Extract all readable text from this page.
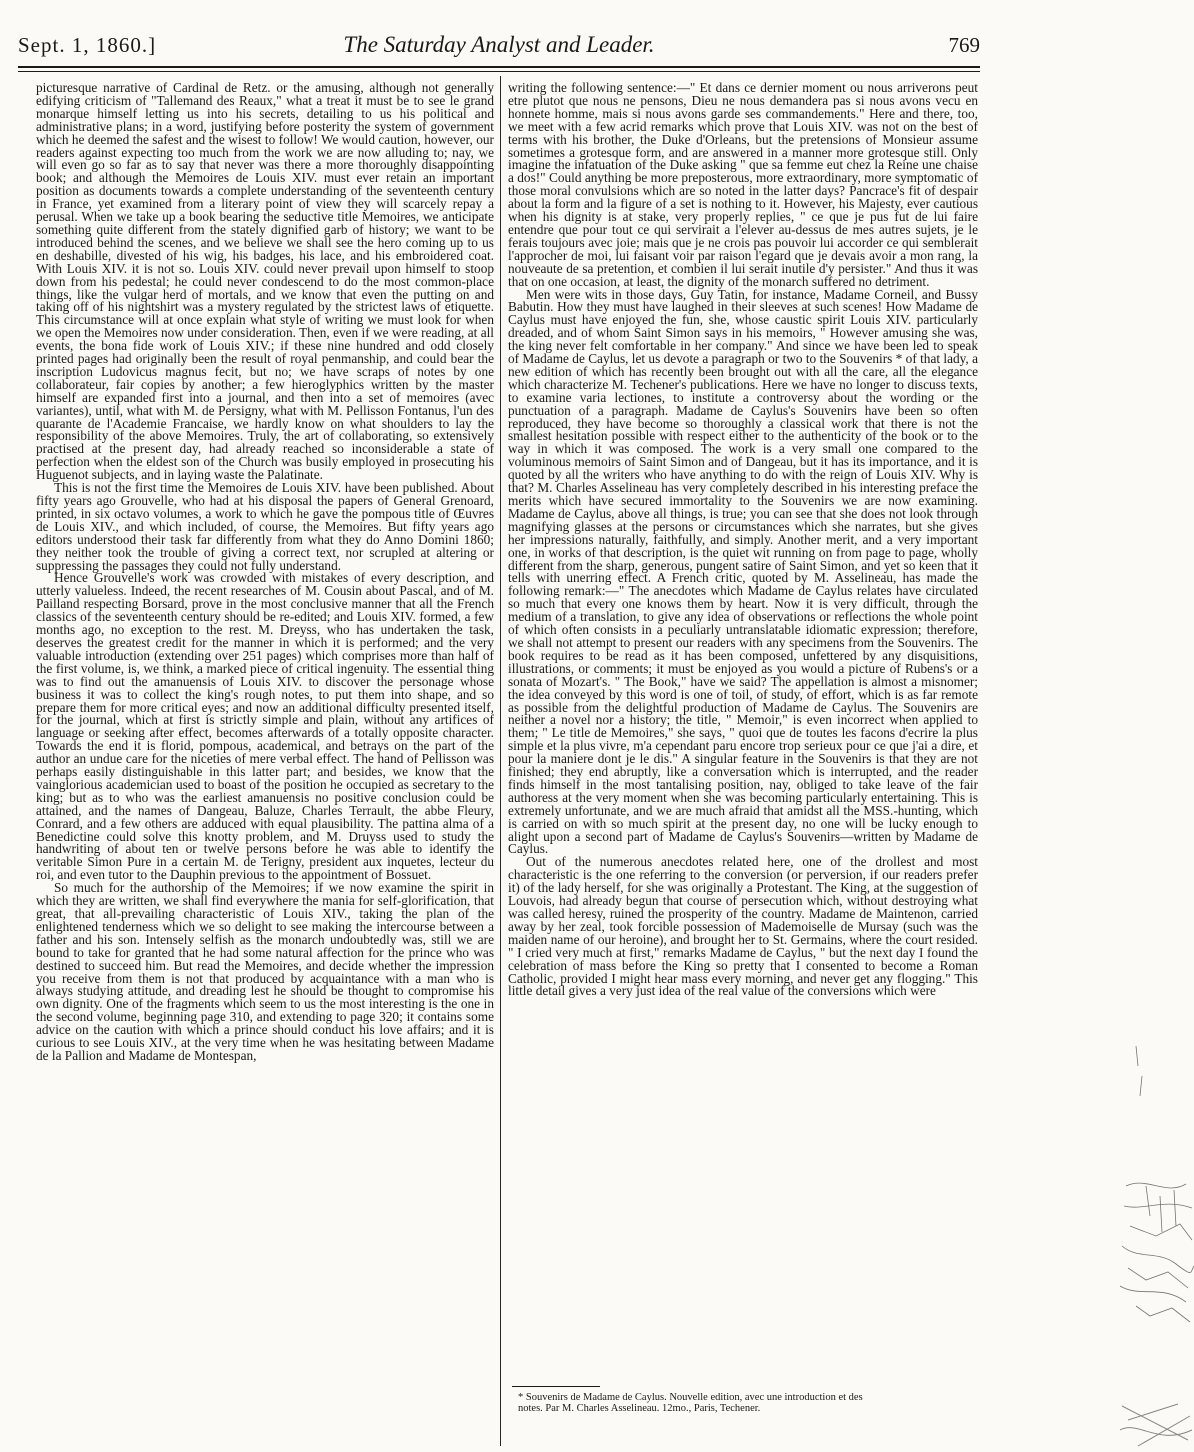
Sept. 1, 1860.]	The Saturday Analyst and Leader.	769

picturesque narrative of Cardinal de Retz. or the amusing, although not generally edifying criticism of "Tallemand des Reaux," what a treat it must be to see le grand monarque himself letting us into his secrets, detailing to us his political and administrative plans; in a word, justifying before posterity the system of government which he deemed the safest and the wisest to follow! We would caution, however, our readers against expecting too much from the work we are now alluding to; nay, we will even go so far as to say that never was there a more thoroughly disappointing book; and although the Memoires de Louis XIV. must ever retain an important position as documents towards a complete understanding of the seventeenth century in France, yet examined from a literary point of view they will scarcely repay a perusal. When we take up a book bearing the seductive title Memoires, we anticipate something quite different from the stately dignified garb of history; we want to be introduced behind the scenes, and we believe we shall see the hero coming up to us en deshabille, divested of his wig, his badges, his lace, and his embroidered coat. With Louis XIV. it is not so. Louis XIV. could never prevail upon himself to stoop down from his pedestal; he could never condescend to do the most common-place things, like the vulgar herd of mortals, and we know that even the putting on and taking off of his nightshirt was a mystery regulated by the strictest laws of etiquette. This circumstance will at once explain what style of writing we must look for when we open the Memoires now under consideration. Then, even if we were reading, at all events, the bona fide work of Louis XIV.; if these nine hundred and odd closely printed pages had originally been the result of royal penmanship, and could bear the inscription Ludovicus magnus fecit, but no; we have scraps of notes by one collaborateur, fair copies by another; a few hieroglyphics written by the master himself are expanded first into a journal, and then into a set of memoires (avec variantes), until, what with M. de Persigny, what with M. Pellisson Fontanus, l'un des quarante de l'Academie Francaise, we hardly know on what shoulders to lay the responsibility of the above Memoires. Truly, the art of collaborating, so extensively practised at the present day, had already reached so inconsiderable a state of perfection when the eldest son of the Church was busily employed in prosecuting his Huguenot subjects, and in laying waste the Palatinate.

This is not the first time the Memoires de Louis XIV. have been published. About fifty years ago Grouvelle, who had at his disposal the papers of General Grenoard, printed, in six octavo volumes, a work to which he gave the pompous title of Œuvres de Louis XIV., and which included, of course, the Memoires. But fifty years ago editors understood their task far differently from what they do Anno Domini 1860; they neither took the trouble of giving a correct text, nor scrupled at altering or suppressing the passages they could not fully understand.

Hence Grouvelle's work was crowded with mistakes of every description, and utterly valueless. Indeed, the recent researches of M. Cousin about Pascal, and of M. Pailland respecting Borsard, prove in the most conclusive manner that all the French classics of the seventeenth century should be re-edited; and Louis XIV. formed, a few months ago, no exception to the rest. M. Dreyss, who has undertaken the task, deserves the greatest credit for the manner in which it is performed; and the very valuable introduction (extending over 251 pages) which comprises more than half of the first volume, is, we think, a marked piece of critical ingenuity. The essential thing was to find out the amanuensis of Louis XIV. to discover the personage whose business it was to collect the king's rough notes, to put them into shape, and so prepare them for more critical eyes; and now an additional difficulty presented itself, for the journal, which at first is strictly simple and plain, without any artifices of language or seeking after effect, becomes afterwards of a totally opposite character. Towards the end it is florid, pompous, academical, and betrays on the part of the author an undue care for the niceties of mere verbal effect. The hand of Pellisson was perhaps easily distinguishable in this latter part; and besides, we know that the vainglorious academician used to boast of the position he occupied as secretary to the king; but as to who was the earliest amanuensis no positive conclusion could be attained, and the names of Dangeau, Baluze, Charles Terrault, the abbe Fleury, Conrard, and a few others are adduced with equal plausibility. The pattina alma of a Benedictine could solve this knotty problem, and M. Druyss used to study the handwriting of about ten or twelve persons before he was able to identify the veritable Simon Pure in a certain M. de Terigny, president aux inquetes, lecteur du roi, and even tutor to the Dauphin previous to the appointment of Bossuet.

So much for the authorship of the Memoires; if we now examine the spirit in which they are written, we shall find everywhere the mania for self-glorification, that great, that all-prevailing characteristic of Louis XIV., taking the plan of the enlightened tenderness which we so delight to see making the intercourse between a father and his son. Intensely selfish as the monarch undoubtedly was, still we are bound to take for granted that he had some natural affection for the prince who was destined to succeed him. But read the Memoires, and decide whether the impression you receive from them is not that produced by acquaintance with a man who is always studying attitude, and dreading lest he should be thought to compromise his own dignity. One of the fragments which seem to us the most interesting is the one in the second volume, beginning page 310, and extending to page 320; it contains some advice on the caution with which a prince should conduct his love affairs; and it is curious to see Louis XIV., at the very time when he was hesitating between Madame de la Pallion and Madame de Montespan,

writing the following sentence:—" Et dans ce dernier moment ou nous arriverons peut etre plutot que nous ne pensons, Dieu ne nous demandera pas si nous avons vecu en honnete homme, mais si nous avons garde ses commandements." Here and there, too, we meet with a few acrid remarks which prove that Louis XIV. was not on the best of terms with his brother, the Duke d'Orleans, but the pretensions of Monsieur assume sometimes a grotesque form, and are answered in a manner more grotesque still. Only imagine the infatuation of the Duke asking " que sa femme eut chez la Reine une chaise a dos!" Could anything be more preposterous, more extraordinary, more symptomatic of those moral convulsions which are so noted in the latter days? Pancrace's fit of despair about la form and la figure of a set is nothing to it. However, his Majesty, ever cautious when his dignity is at stake, very properly replies, " ce que je pus fut de lui faire entendre que pour tout ce qui servirait a l'elever au-dessus de mes autres sujets, je le ferais toujours avec joie; mais que je ne crois pas pouvoir lui accorder ce qui semblerait l'approcher de moi, lui faisant voir par raison l'egard que je devais avoir a mon rang, la nouveaute de sa pretention, et combien il lui serait inutile d'y persister." And thus it was that on one occasion, at least, the dignity of the monarch suffered no detriment.

Men were wits in those days, Guy Tatin, for instance, Madame Corneil, and Bussy Babutin. How they must have laughed in their sleeves at such scenes! How Madame de Caylus must have enjoyed the fun, she, whose caustic spirit Louis XIV. particularly dreaded, and of whom Saint Simon says in his memoirs, " However amusing she was, the king never felt comfortable in her company." And since we have been led to speak of Madame de Caylus, let us devote a paragraph or two to the Souvenirs * of that lady, a new edition of which has recently been brought out with all the care, all the elegance which characterize M. Techener's publications. Here we have no longer to discuss texts, to examine varia lectiones, to institute a controversy about the wording or the punctuation of a paragraph. Madame de Caylus's Souvenirs have been so often reproduced, they have become so thoroughly a classical work that there is not the smallest hesitation possible with respect either to the authenticity of the book or to the way in which it was composed. The work is a very small one compared to the voluminous memoirs of Saint Simon and of Dangeau, but it has its importance, and it is quoted by all the writers who have anything to do with the reign of Louis XIV. Why is that? M. Charles Asselineau has very completely described in his interesting preface the merits which have secured immortality to the Souvenirs we are now examining. Madame de Caylus, above all things, is true; you can see that she does not look through magnifying glasses at the persons or circumstances which she narrates, but she gives her impressions naturally, faithfully, and simply. Another merit, and a very important one, in works of that description, is the quiet wit running on from page to page, wholly different from the sharp, generous, pungent satire of Saint Simon, and yet so keen that it tells with unerring effect. A French critic, quoted by M. Asselineau, has made the following remark:—" The anecdotes which Madame de Caylus relates have circulated so much that every one knows them by heart. Now it is very difficult, through the medium of a translation, to give any idea of observations or reflections the whole point of which often consists in a peculiarly untranslatable idiomatic expression; therefore, we shall not attempt to present our readers with any specimens from the Souvenirs. The book requires to be read as it has been composed, unfettered by any disquisitions, illustrations, or comments; it must be enjoyed as you would a picture of Rubens's or a sonata of Mozart's. " The Book," have we said? The appellation is almost a misnomer; the idea conveyed by this word is one of toil, of study, of effort, which is as far remote as possible from the delightful production of Madame de Caylus. The Souvenirs are neither a novel nor a history; the title, " Memoir," is even incorrect when applied to them; " Le title de Memoires," she says, " quoi que de toutes les facons d'ecrire la plus simple et la plus vivre, m'a cependant paru encore trop serieux pour ce que j'ai a dire, et pour la maniere dont je le dis." A singular feature in the Souvenirs is that they are not finished; they end abruptly, like a conversation which is interrupted, and the reader finds himself in the most tantalising position, nay, obliged to take leave of the fair authoress at the very moment when she was becoming particularly entertaining. This is extremely unfortunate, and we are much afraid that amidst all the MSS.-hunting, which is carried on with so much spirit at the present day, no one will be lucky enough to alight upon a second part of Madame de Caylus's Souvenirs—written by Madame de Caylus.

Out of the numerous anecdotes related here, one of the drollest and most characteristic is the one referring to the conversion (or perversion, if our readers prefer it) of the lady herself, for she was originally a Protestant. The King, at the suggestion of Louvois, had already begun that course of persecution which, without destroying what was called heresy, ruined the prosperity of the country. Madame de Maintenon, carried away by her zeal, took forcible possession of Mademoiselle de Mursay (such was the maiden name of our heroine), and brought her to St. Germains, where the court resided. " I cried very much at first," remarks Madame de Caylus, " but the next day I found the celebration of mass before the King so pretty that I consented to become a Roman Catholic, provided I might hear mass every morning, and never get any flogging." This little detail gives a very just idea of the real value of the conversions which were

* Souvenirs de Madame de Caylus. Nouvelle edition, avec une introduction et des
notes. Par M. Charles Asselineau. 12mo., Paris, Techener.
